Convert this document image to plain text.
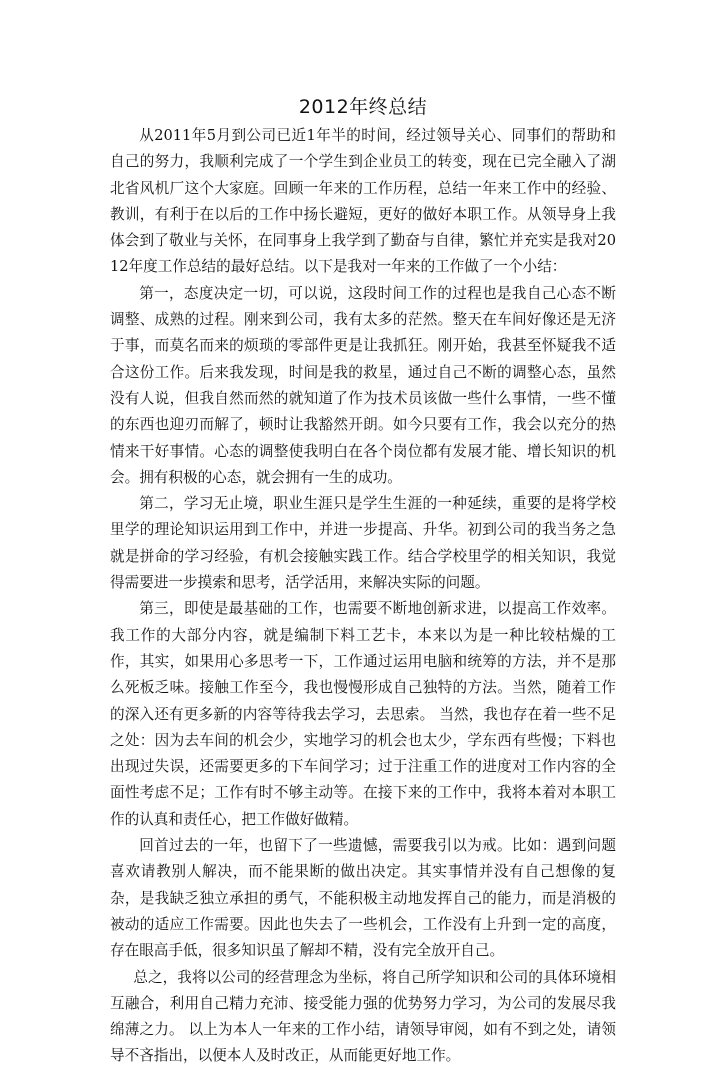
2012年终总结

从2011年5月到公司已近1年半的时间，经过领导关心、同事们的帮助和自己的努力，我顺利完成了一个学生到企业员工的转变，现在已完全融入了湖北省风机厂这个大家庭。回顾一年来的工作历程，总结一年来工作中的经验、教训，有利于在以后的工作中扬长避短，更好的做好本职工作。从领导身上我体会到了敬业与关怀，在同事身上我学到了勤奋与自律，繁忙并充实是我对2012年度工作总结的最好总结。以下是我对一年来的工作做了一个小结：

第一，态度决定一切，可以说，这段时间工作的过程也是我自己心态不断调整、成熟的过程。刚来到公司，我有太多的茫然。整天在车间好像还是无济于事，而莫名而来的烦琐的零部件更是让我抓狂。刚开始，我甚至怀疑我不适合这份工作。后来我发现，时间是我的救星，通过自己不断的调整心态，虽然没有人说，但我自然而然的就知道了作为技术员该做一些什么事情，一些不懂的东西也迎刃而解了，顿时让我豁然开朗。如今只要有工作，我会以充分的热情来干好事情。心态的调整使我明白在各个岗位都有发展才能、增长知识的机会。拥有积极的心态，就会拥有一生的成功。

第二，学习无止境，职业生涯只是学生生涯的一种延续，重要的是将学校里学的理论知识运用到工作中，并进一步提高、升华。初到公司的我当务之急就是拼命的学习经验，有机会接触实践工作。结合学校里学的相关知识，我觉得需要进一步摸索和思考，活学活用，来解决实际的问题。

第三，即使是最基础的工作，也需要不断地创新求进，以提高工作效率。我工作的大部分内容，就是编制下料工艺卡，本来以为是一种比较枯燥的工作，其实，如果用心多思考一下，工作通过运用电脑和统筹的方法，并不是那么死板乏味。接触工作至今，我也慢慢形成自己独特的方法。当然，随着工作的深入还有更多新的内容等待我去学习，去思索。 当然，我也存在着一些不足之处：因为去车间的机会少，实地学习的机会也太少，学东西有些慢；下料也出现过失误，还需要更多的下车间学习；过于注重工作的进度对工作内容的全面性考虑不足；工作有时不够主动等。在接下来的工作中，我将本着对本职工作的认真和责任心，把工作做好做精。

回首过去的一年，也留下了一些遗憾，需要我引以为戒。比如：遇到问题喜欢请教别人解决，而不能果断的做出决定。其实事情并没有自己想像的复杂，是我缺乏独立承担的勇气，不能积极主动地发挥自己的能力，而是消极的被动的适应工作需要。因此也失去了一些机会，工作没有上升到一定的高度，存在眼高手低，很多知识虽了解却不精，没有完全放开自己。

总之，我将以公司的经营理念为坐标，将自己所学知识和公司的具体环境相互融合，利用自己精力充沛、接受能力强的优势努力学习，为公司的发展尽我绵薄之力。 以上为本人一年来的工作小结，请领导审阅，如有不到之处，请领导不吝指出，以便本人及时改正，从而能更好地工作。
